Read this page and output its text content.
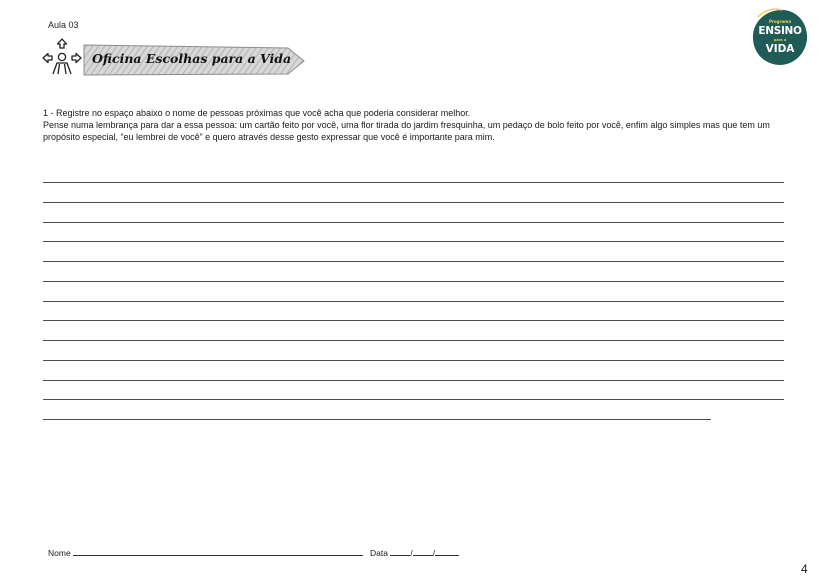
Aula 03
Oficina Escolhas para a Vida
Programa
ENSINO
para a
VIDA

1 - Registre no espaço abaixo o nome de pessoas próximas que você acha que poderia considerar melhor.

Pense numa lembrança para dar a essa pessoa: um cartão feito por você, uma flor tirada do jardim fresquinha, um pedaço de bolo feito por você, enfim algo simples mas que tem um propósito especial, “eu lembrei de você” e quero através desse gesto expressar que você é importante para mim.

Nome	Data	/ /
4
